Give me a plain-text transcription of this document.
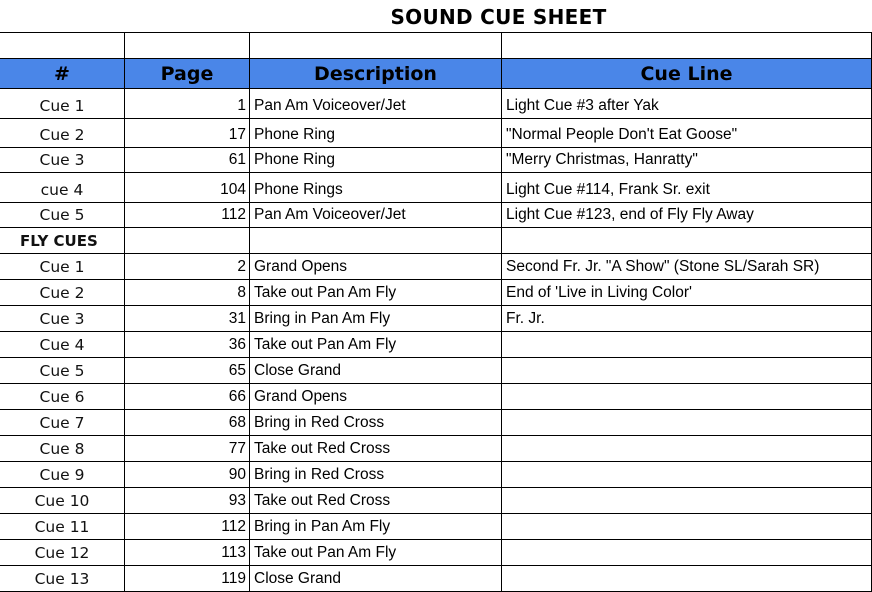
SOUND CUE SHEET
#	Page	Description	Cue Line
Cue 1	1 Pan Am Voiceover/Jet	Light Cue #3 after Yak
Cue 2	17 Phone Ring	"Normal People Don't Eat Goose"
Cue 3	61 Phone Ring	"Merry Christmas, Hanratty"
cue 4	104 Phone Rings	Light Cue #114, Frank Sr. exit
Cue 5	112 Pan Am Voiceover/Jet	Light Cue #123, end of Fly Fly Away
FLY CUES
Cue 1	2 Grand Opens	Second Fr. Jr. "A Show" (Stone SL/Sarah SR)
Cue 2	8 Take out Pan Am Fly	End of 'Live in Living Color'
Cue 3	31 Bring in Pan Am Fly	Fr. Jr.
Cue 4	36 Take out Pan Am Fly
Cue 5	65 Close Grand
Cue 6	66 Grand Opens
Cue 7	68 Bring in Red Cross
Cue 8	77 Take out Red Cross
Cue 9	90 Bring in Red Cross
Cue 10	93 Take out Red Cross
Cue 11	112 Bring in Pan Am Fly
Cue 12	113 Take out Pan Am Fly
Cue 13	119 Close Grand
